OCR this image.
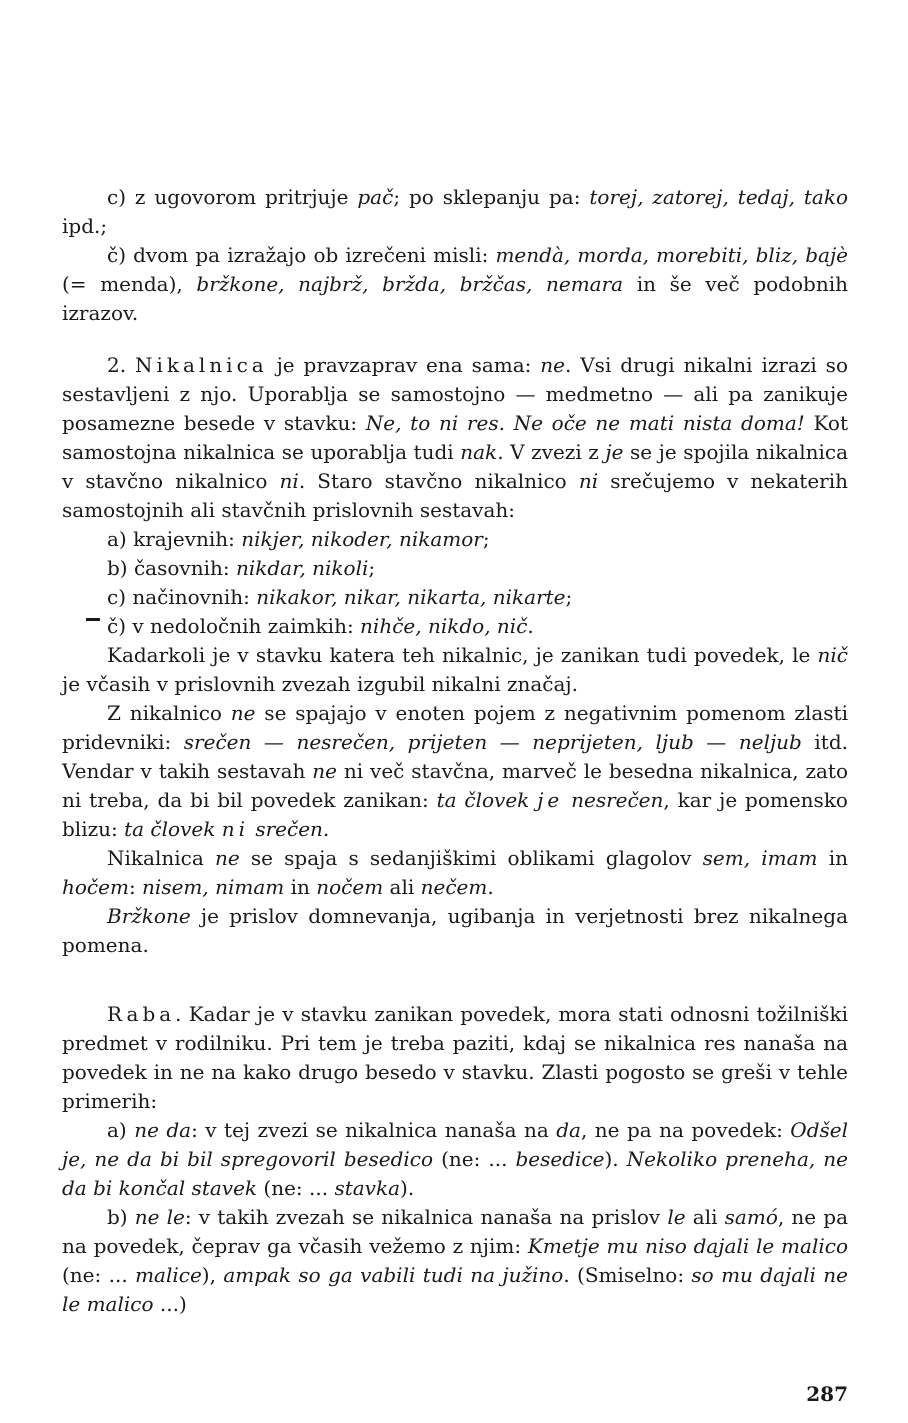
c) z ugovorom pritrjuje pač; po sklepanju pa: torej, zatorej, tedaj, tako ipd.;

č) dvom pa izražajo ob izrečeni misli: mendà, morda, morebiti, bliz, bajè (= menda), bržkone, najbrž, bržda, bržčas, nemara in še več podobnih izrazov.

2. Nikalnica je pravzaprav ena sama: ne. Vsi drugi nikalni izrazi so sestavljeni z njo. Uporablja se samostojno — medmetno — ali pa zanikuje posamezne besede v stavku: Ne, to ni res. Ne oče ne mati nista doma! Kot samostojna nikalnica se uporablja tudi nak. V zvezi z je se je spojila nikalnica v stavčno nikalnico ni. Staro stavčno nikalnico ni srečujemo v nekaterih samostojnih ali stavčnih prislovnih sestavah:

a) krajevnih: nikjer, nikoder, nikamor;

b) časovnih: nikdar, nikoli;

c) načinovnih: nikakor, nikar, nikarta, nikarte;

č) v nedoločnih zaimkih: nihče, nikdo, nič.

Kadarkoli je v stavku katera teh nikalnic, je zanikan tudi povedek, le nič je včasih v prislovnih zvezah izgubil nikalni značaj.

Z nikalnico ne se spajajo v enoten pojem z negativnim pomenom zlasti pridevniki: srečen — nesrečen, prijeten — neprijeten, ljub — neljub itd. Vendar v takih sestavah ne ni več stavčna, marveč le besedna nikalnica, zato ni treba, da bi bil povedek zanikan: ta človek je nesrečen, kar je pomensko blizu: ta človek ni srečen.

Nikalnica ne se spaja s sedanjiškimi oblikami glagolov sem, imam in hočem: nisem, nimam in nočem ali nečem.

Bržkone je prislov domnevanja, ugibanja in verjetnosti brez nikalnega pomena.

Raba. Kadar je v stavku zanikan povedek, mora stati odnosni tožilniški predmet v rodilniku. Pri tem je treba paziti, kdaj se nikalnica res nanaša na povedek in ne na kako drugo besedo v stavku. Zlasti pogosto se greši v tehle primerih:

a) ne da: v tej zvezi se nikalnica nanaša na da, ne pa na povedek: Odšel je, ne da bi bil spregovoril besedico (ne: ... besedice). Nekoliko preneha, ne da bi končal stavek (ne: ... stavka).

b) ne le: v takih zvezah se nikalnica nanaša na prislov le ali samó, ne pa na povedek, čeprav ga včasih vežemo z njim: Kmetje mu niso dajali le malico (ne: ... malice), ampak so ga vabili tudi na južino. (Smiselno: so mu dajali ne le malico ...)

287
